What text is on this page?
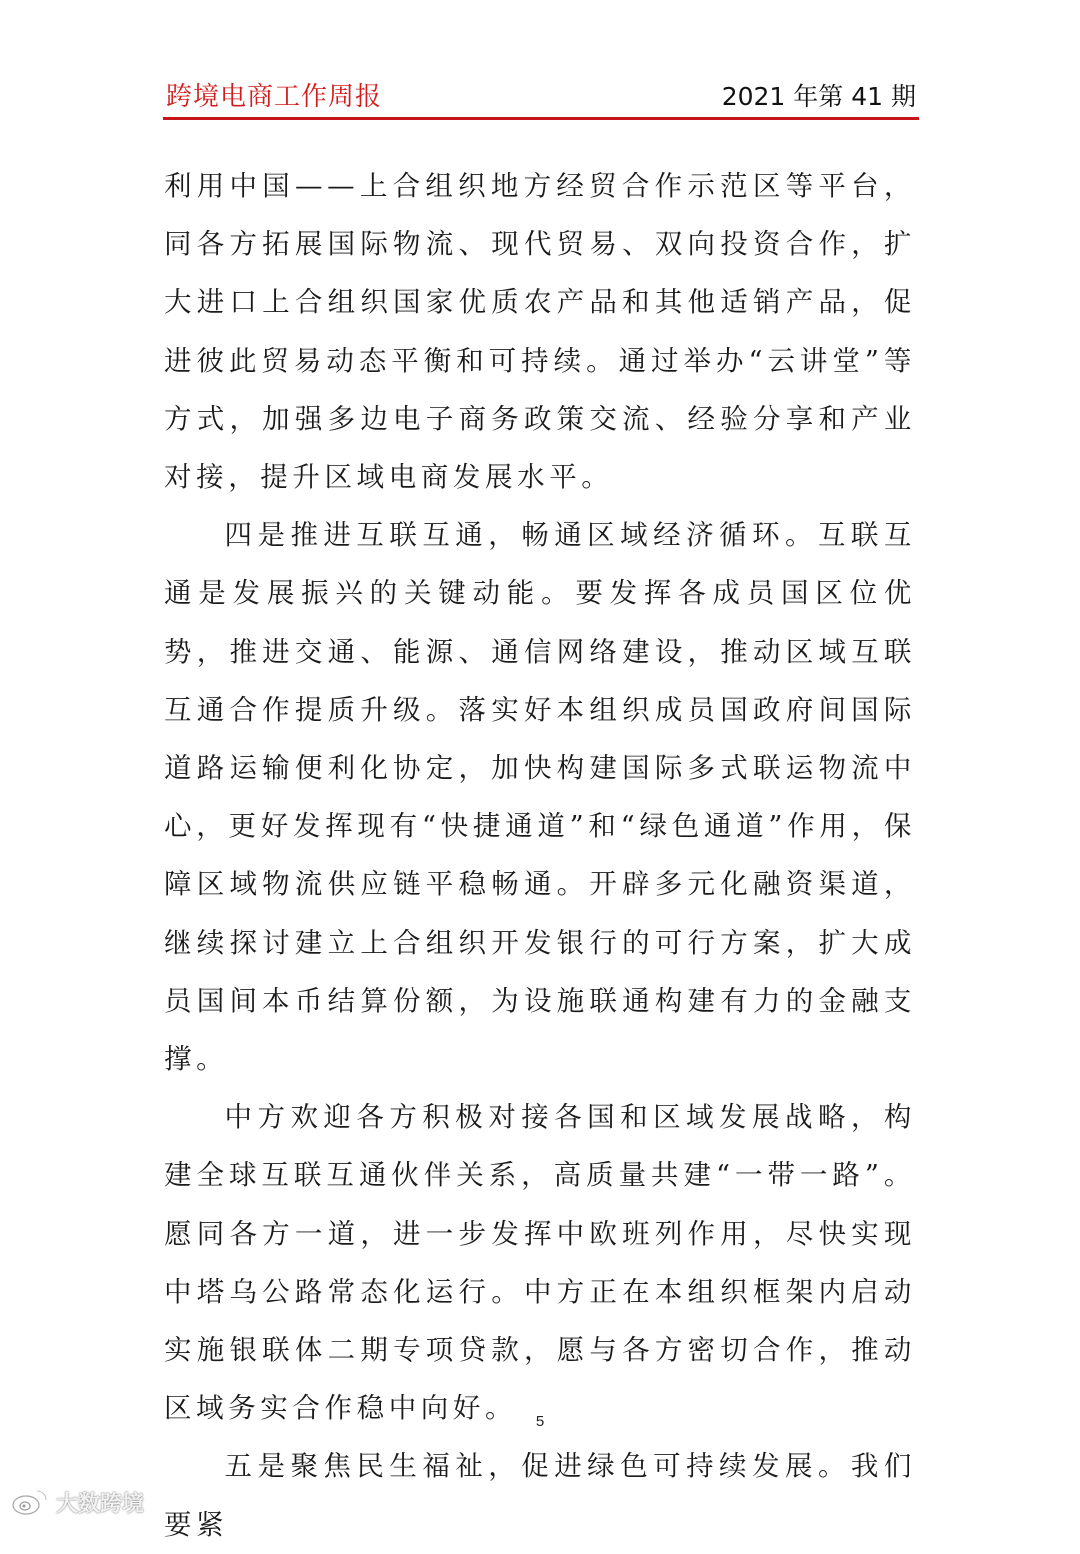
跨境电商工作周报	2021 年第 41 期

利用中国——上合组织地方经贸合作示范区等平台，同各方拓展国际物流、现代贸易、双向投资合作，扩大进口上合组织国家优质农产品和其他适销产品，促进彼此贸易动态平衡和可持续。通过举办“云讲堂”等方式，加强多边电子商务政策交流、经验分享和产业对接，提升区域电商发展水平。

四是推进互联互通，畅通区域经济循环。互联互通是发展振兴的关键动能。要发挥各成员国区位优势，推进交通、能源、通信网络建设，推动区域互联互通合作提质升级。落实好本组织成员国政府间国际道路运输便利化协定，加快构建国际多式联运物流中心，更好发挥现有“快捷通道”和“绿色通道”作用，保障区域物流供应链平稳畅通。开辟多元化融资渠道，继续探讨建立上合组织开发银行的可行方案，扩大成员国间本币结算份额，为设施联通构建有力的金融支撑。

中方欢迎各方积极对接各国和区域发展战略，构建全球互联互通伙伴关系，高质量共建“一带一路”。愿同各方一道，进一步发挥中欧班列作用，尽快实现中塔乌公路常态化运行。中方正在本组织框架内启动实施银联体二期专项贷款，愿与各方密切合作，推动区域务实合作稳中向好。

五是聚焦民生福祉，促进绿色可持续发展。我们要紧

5
大数跨境
